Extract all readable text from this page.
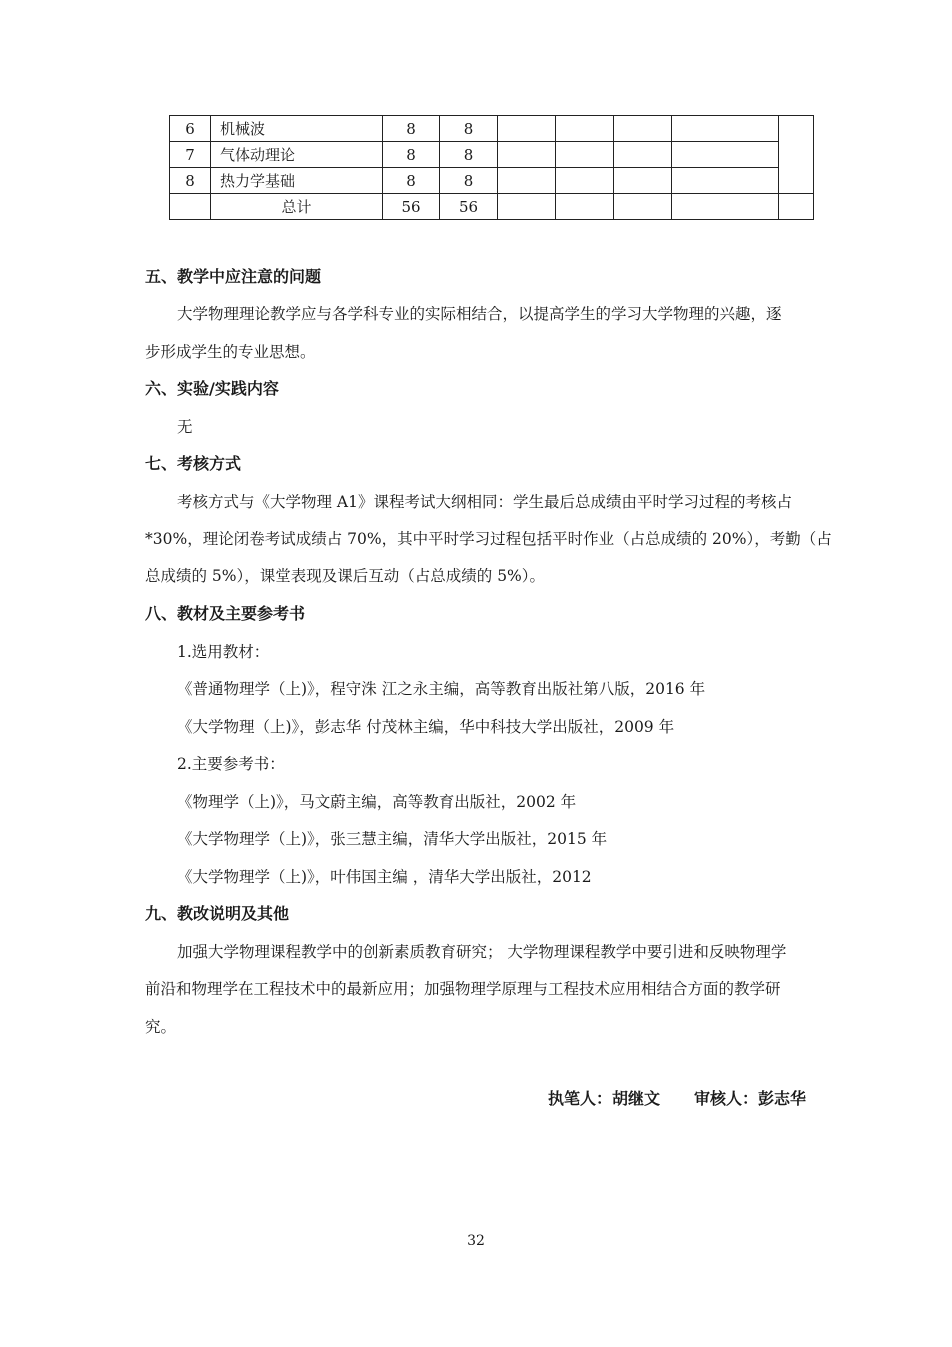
6	机械波	8	8					
7	气体动理论	8	8					
8	热力学基础	8	8					
	总计	56	56					
五、教学中应注意的问题
大学物理理论教学应与各学科专业的实际相结合，以提高学生的学习大学物理的兴趣，逐
步形成学生的专业思想。
六、实验/实践内容
无
七、考核方式
考核方式与《大学物理 A1》课程考试大纲相同：学生最后总成绩由平时学习过程的考核占
*30%，理论闭卷考试成绩占 70%，其中平时学习过程包括平时作业（占总成绩的 20%），考勤（占
总成绩的 5%），课堂表现及课后互动（占总成绩的 5%）。
八、教材及主要参考书
1.选用教材：
《普通物理学（上)》，程守洙 江之永主编，高等教育出版社第八版，2016 年
《大学物理（上)》，彭志华 付茂林主编，华中科技大学出版社，2009 年
2.主要参考书：
《物理学（上)》，马文蔚主编，高等教育出版社，2002 年
《大学物理学（上)》，张三慧主编，清华大学出版社，2015 年
《大学物理学（上)》，叶伟国主编 ，清华大学出版社，2012
九、教改说明及其他
加强大学物理课程教学中的创新素质教育研究； 大学物理课程教学中要引进和反映物理学
前沿和物理学在工程技术中的最新应用；加强物理学原理与工程技术应用相结合方面的教学研
究。
执笔人：胡继文 审核人：彭志华
32
